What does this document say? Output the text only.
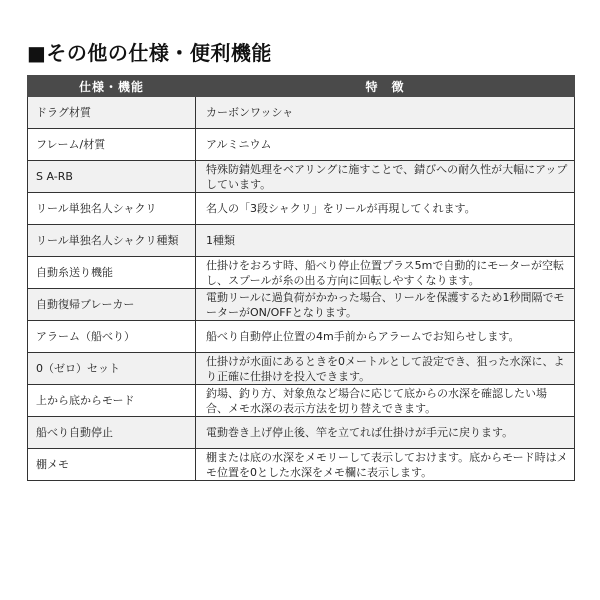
■その他の仕様・便利機能
仕様・機能	特　徴
ドラグ材質	カーボンワッシャ
フレーム/材質	アルミニウム
S A-RB	特殊防錆処理をベアリングに施すことで、錆びへの耐久性が大幅にアップしています。
リール単独名人シャクリ	名人の「3段シャクリ」をリールが再現してくれます。
リール単独名人シャクリ種類	1種類
自動糸送り機能	仕掛けをおろす時、船べり停止位置プラス5mで自動的にモーターが空転し、スプールが糸の出る方向に回転しやすくなります。
自動復帰ブレーカー	電動リールに過負荷がかかった場合、リールを保護するため1秒間隔でモーターがON/OFFとなります。
アラーム（船べり）	船べり自動停止位置の4m手前からアラームでお知らせします。
0（ゼロ）セット	仕掛けが水面にあるときを0メートルとして設定でき、狙った水深に、より正確に仕掛けを投入できます。
上から底からモード	釣場、釣り方、対象魚など場合に応じて底からの水深を確認したい場合、メモ水深の表示方法を切り替えできます。
船べり自動停止	電動巻き上げ停止後、竿を立てれば仕掛けが手元に戻ります。
棚メモ	棚または底の水深をメモリーして表示しておけます。底からモード時はメモ位置を0とした水深をメモ欄に表示します。
